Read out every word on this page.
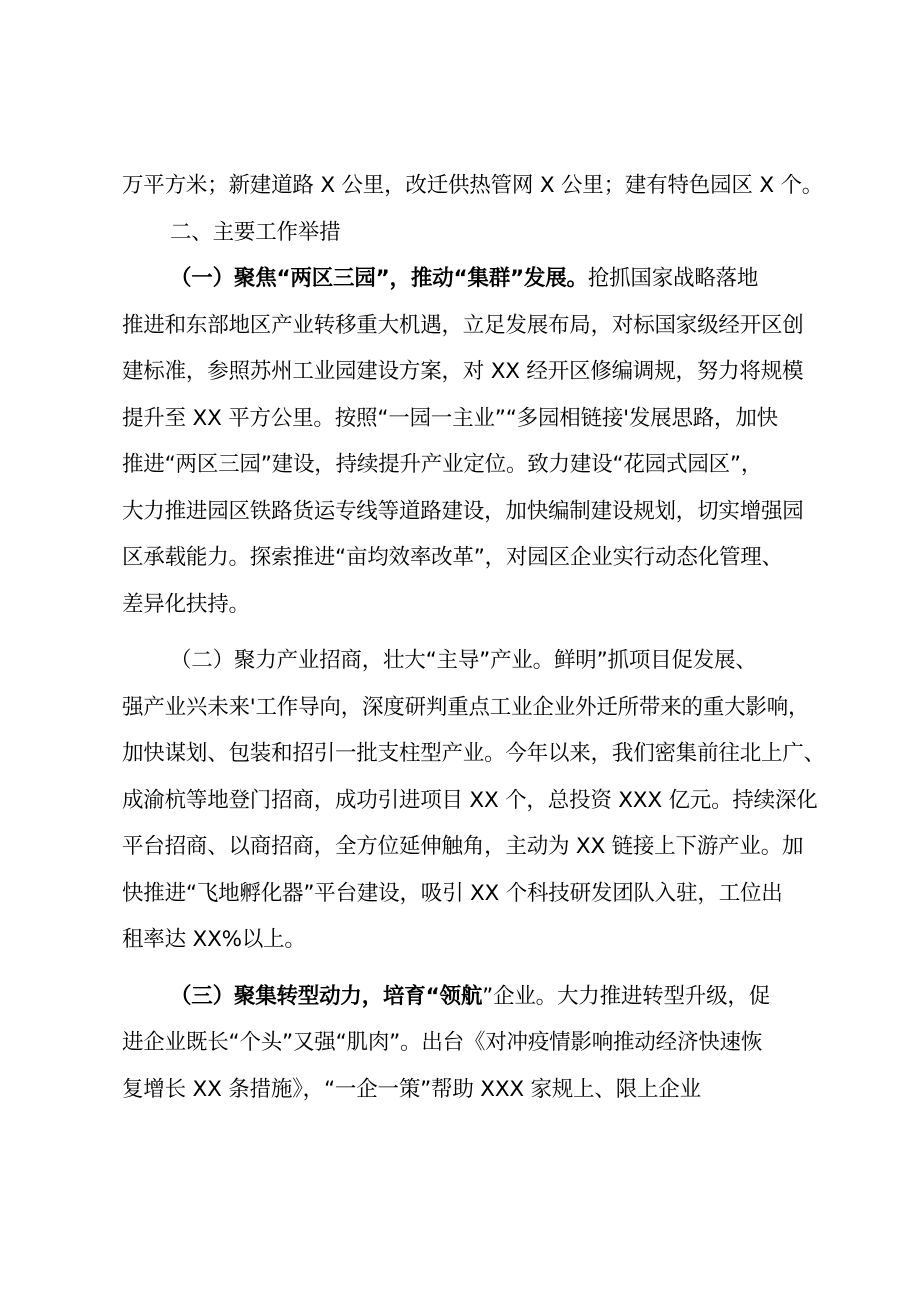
万平方米；新建道路 X 公里，改迁供热管网 X 公里；建有特色园区 X 个。
二、主要工作举措
（一）聚焦“两区三园”，推动“集群”发展。抢抓国家战略落地
推进和东部地区产业转移重大机遇，立足发展布局，对标国家级经开区创
建标准，参照苏州工业园建设方案，对 XX 经开区修编调规，努力将规模
提升至 XX 平方公里。按照“一园一主业”“多园相链接'发展思路，加快
推进“两区三园”建设，持续提升产业定位。致力建设“花园式园区”，
大力推进园区铁路货运专线等道路建设，加快编制建设规划，切实增强园
区承载能力。探索推进“亩均效率改革”，对园区企业实行动态化管理、
差异化扶持。
（二）聚力产业招商，壮大“主导”产业。鲜明”抓项目促发展、
强产业兴未来'工作导向，深度研判重点工业企业外迁所带来的重大影响，
加快谋划、包装和招引一批支柱型产业。今年以来，我们密集前往北上广、
成渝杭等地登门招商，成功引进项目 XX 个，总投资 XXX 亿元。持续深化
平台招商、以商招商，全方位延伸触角，主动为 XX 链接上下游产业。加
快推进“飞地孵化器”平台建设，吸引 XX 个科技研发团队入驻，工位出
租率达 XX%以上。
（三）聚集转型动力，培育“领航”企业。大力推进转型升级，促
进企业既长“个头”又强“肌肉”。出台《对冲疫情影响推动经济快速恢
复增长 XX 条措施》，“一企一策”帮助 XXX 家规上、限上企业
